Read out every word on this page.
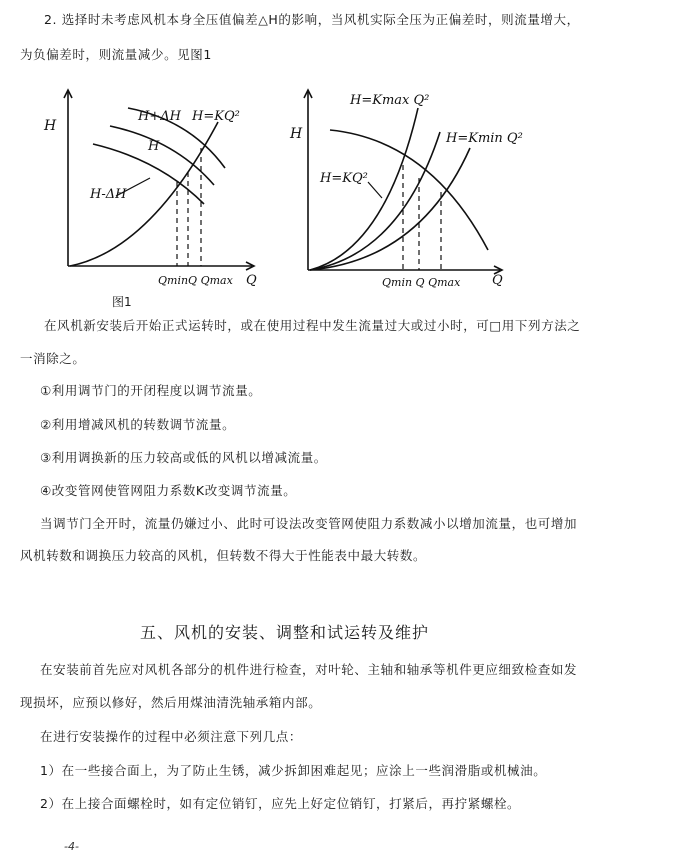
2. 选择时未考虑风机本身全压值偏差△H的影响，当风机实际全压为正偏差时，则流量增大，
为负偏差时，则流量减少。见图1
H
Q
H+ΔH H=KQ²
H
H-ΔH
QminQ Qmax
H
Q
H=Kmax Q²
H=KQ²
H=Kmin Q²
Qmin Q Qmax
图1
在风机新安装后开始正式运转时，或在使用过程中发生流量过大或过小时，可□用下列方法之
一消除之。
①利用调节门的开闭程度以调节流量。
②利用增减风机的转数调节流量。
③利用调换新的压力较高或低的风机以增减流量。
④改变管网使管网阻力系数K改变调节流量。
当调节门全开时，流量仍嫌过小、此时可设法改变管网使阻力系数减小以增加流量，也可增加
风机转数和调换压力较高的风机，但转数不得大于性能表中最大转数。
五、风机的安装、调整和试运转及维护
在安装前首先应对风机各部分的机件进行检查，对叶轮、主轴和轴承等机件更应细致检查如发
现损坏，应预以修好，然后用煤油清洗轴承箱内部。
在进行安装操作的过程中必须注意下列几点：
1）在一些接合面上，为了防止生锈，减少拆卸困难起见；应涂上一些润滑脂或机械油。
2）在上接合面螺栓时，如有定位销钉，应先上好定位销钉，打紧后，再拧紧螺栓。
-4-
